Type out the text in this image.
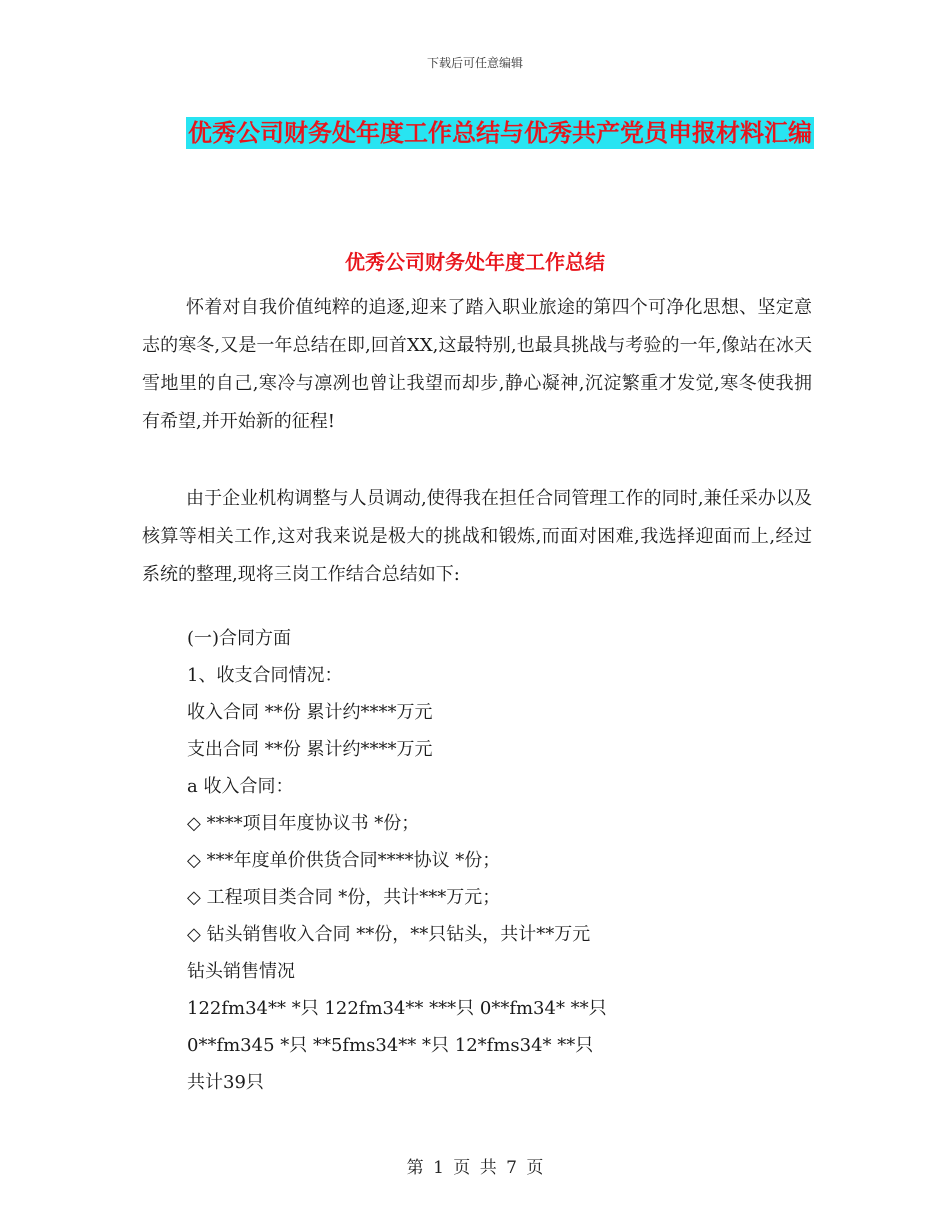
下载后可任意编辑
优秀公司财务处年度工作总结与优秀共产党员申报材料汇编
优秀公司财务处年度工作总结
怀着对自我价值纯粹的追逐,迎来了踏入职业旅途的第四个可净化思想、坚定意志的寒冬,又是一年总结在即,回首XX,这最特别,也最具挑战与考验的一年,像站在冰天雪地里的自己,寒冷与凛冽也曾让我望而却步,静心凝神,沉淀繁重才发觉,寒冬使我拥有希望,并开始新的征程!
由于企业机构调整与人员调动,使得我在担任合同管理工作的同时,兼任采办以及核算等相关工作,这对我来说是极大的挑战和锻炼,而面对困难,我选择迎面而上,经过系统的整理,现将三岗工作结合总结如下:
(一)合同方面
1、收支合同情况：
收入合同 **份 累计约****万元
支出合同 **份 累计约****万元
a 收入合同：
◇ ****项目年度协议书 *份；
◇ ***年度单价供货合同****协议 *份；
◇ 工程项目类合同 *份，共计***万元；
◇ 钻头销售收入合同 **份，**只钻头，共计**万元
钻头销售情况
122fm34** *只 122fm34** ***只 0**fm34* **只
0**fm345 *只 **5fms34** *只 12*fms34* **只
共计39只
第 1 页 共 7 页
